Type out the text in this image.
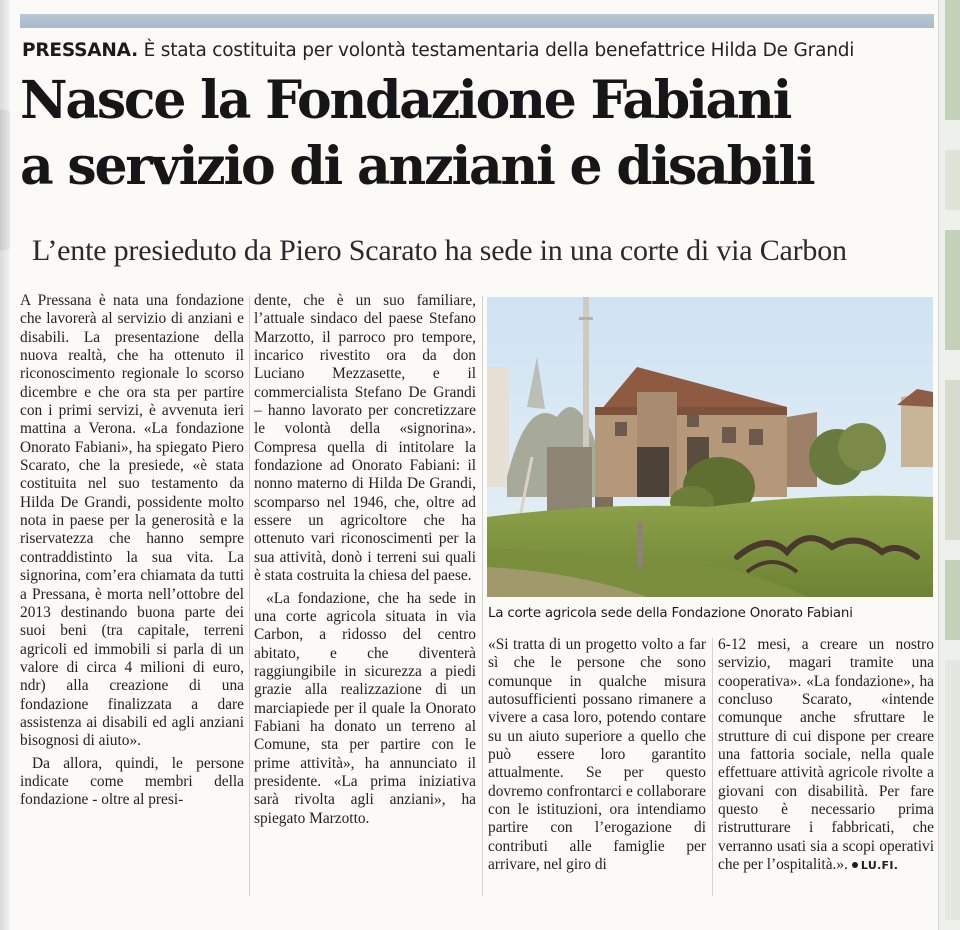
PRESSANA. È stata costituita per volontà testamentaria della benefattrice Hilda De Grandi
Nasce la Fondazione Fabiani
a servizio di anziani e disabili
L’ente presieduto da Piero Scarato ha sede in una corte di via Carbon

A Pressana è nata una fondazione che lavorerà al servizio di anziani e disabili. La presentazione della nuova realtà, che ha ottenuto il riconoscimento regionale lo scorso dicembre e che ora sta per partire con i primi servizi, è avvenuta ieri mattina a Verona. «La fondazione Onorato Fabiani», ha spiegato Piero Scarato, che la presiede, «è stata costituita nel suo testamento da Hilda De Grandi, possidente molto nota in paese per la generosità e la riservatezza che hanno sempre contraddistinto la sua vita. La signorina, com’era chiamata da tutti a Pressana, è morta nell’ottobre del 2013 destinando buona parte dei suoi beni (tra capitale, terreni agricoli ed immobili si parla di un valore di circa 4 milioni di euro, ndr) alla creazione di una fondazione finalizzata a dare assistenza ai disabili ed agli anziani bisognosi di aiuto».

Da allora, quindi, le persone indicate come membri della fondazione - oltre al presi-

dente, che è un suo familiare, l’attuale sindaco del paese Stefano Marzotto, il parroco pro tempore, incarico rivestito ora da don Luciano Mezzasette, e il commercialista Stefano De Grandi – hanno lavorato per concretizzare le volontà della «signorina». Compresa quella di intitolare la fondazione ad Onorato Fabiani: il nonno materno di Hilda De Grandi, scomparso nel 1946, che, oltre ad essere un agricoltore che ha ottenuto vari riconoscimenti per la sua attività, donò i terreni sui quali è stata costruita la chiesa del paese.

«La fondazione, che ha sede in una corte agricola situata in via Carbon, a ridosso del centro abitato, e che diventerà raggiungibile in sicurezza a piedi grazie alla realizzazione di un marciapiede per il quale la Onorato Fabiani ha donato un terreno al Comune, sta per partire con le prime attività», ha annunciato il presidente. «La prima iniziativa sarà rivolta agli anziani», ha spiegato Marzotto.

La corte agricola sede della Fondazione Onorato Fabiani

«Si tratta di un progetto volto a far sì che le persone che sono comunque in qualche misura autosufficienti possano rimanere a vivere a casa loro, potendo contare su un aiuto superiore a quello che può essere loro garantito attualmente. Se per questo dovremo confrontarci e collaborare con le istituzioni, ora intendiamo partire con l’erogazione di contributi alle famiglie per arrivare, nel giro di

6-12 mesi, a creare un nostro servizio, magari tramite una cooperativa». «La fondazione», ha concluso Scarato, «intende comunque anche sfruttare le strutture di cui dispone per creare una fattoria sociale, nella quale effettuare attività agricole rivolte a giovani con disabilità. Per fare questo è necessario prima ristrutturare i fabbricati, che verranno usati sia a scopi operativi che per l’ospitalità.». LU.FI.
